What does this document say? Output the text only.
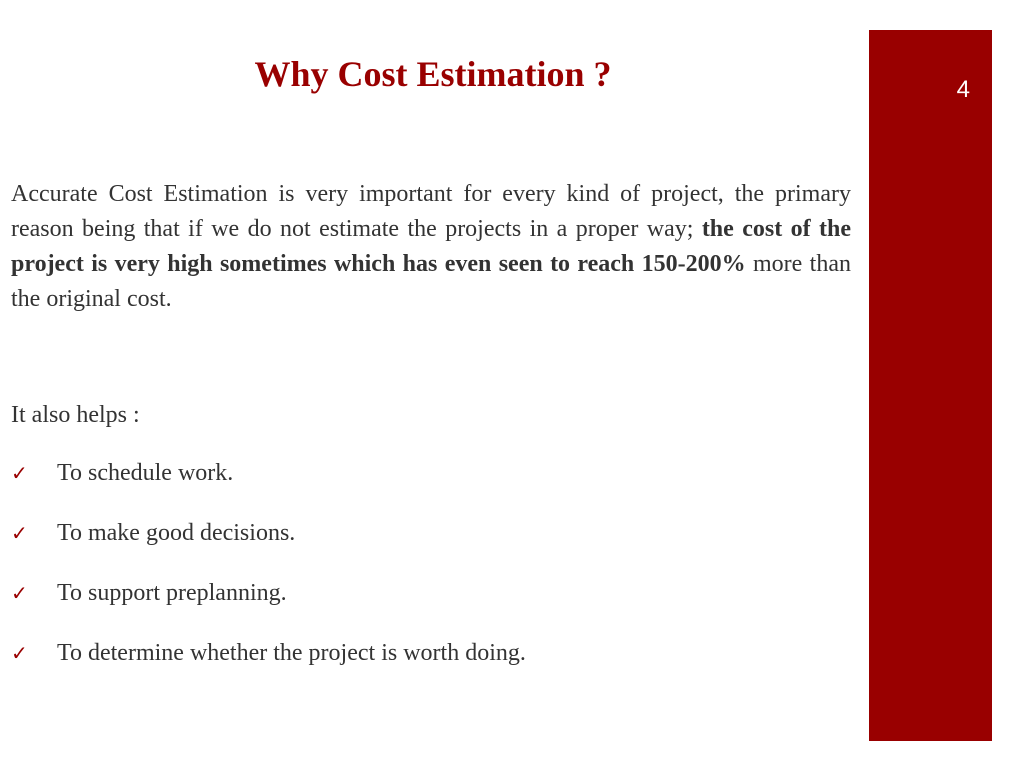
4
Why Cost Estimation ?

Accurate Cost Estimation is very important for every kind of project, the primary reason being that if we do not estimate the projects in a proper way; the cost of the project is very high sometimes which has even seen to reach 150-200% more than the original cost.

It also helps :
✓	To schedule work.
✓	To make good decisions.
✓	To support preplanning.
✓	To determine whether the project is worth doing.
